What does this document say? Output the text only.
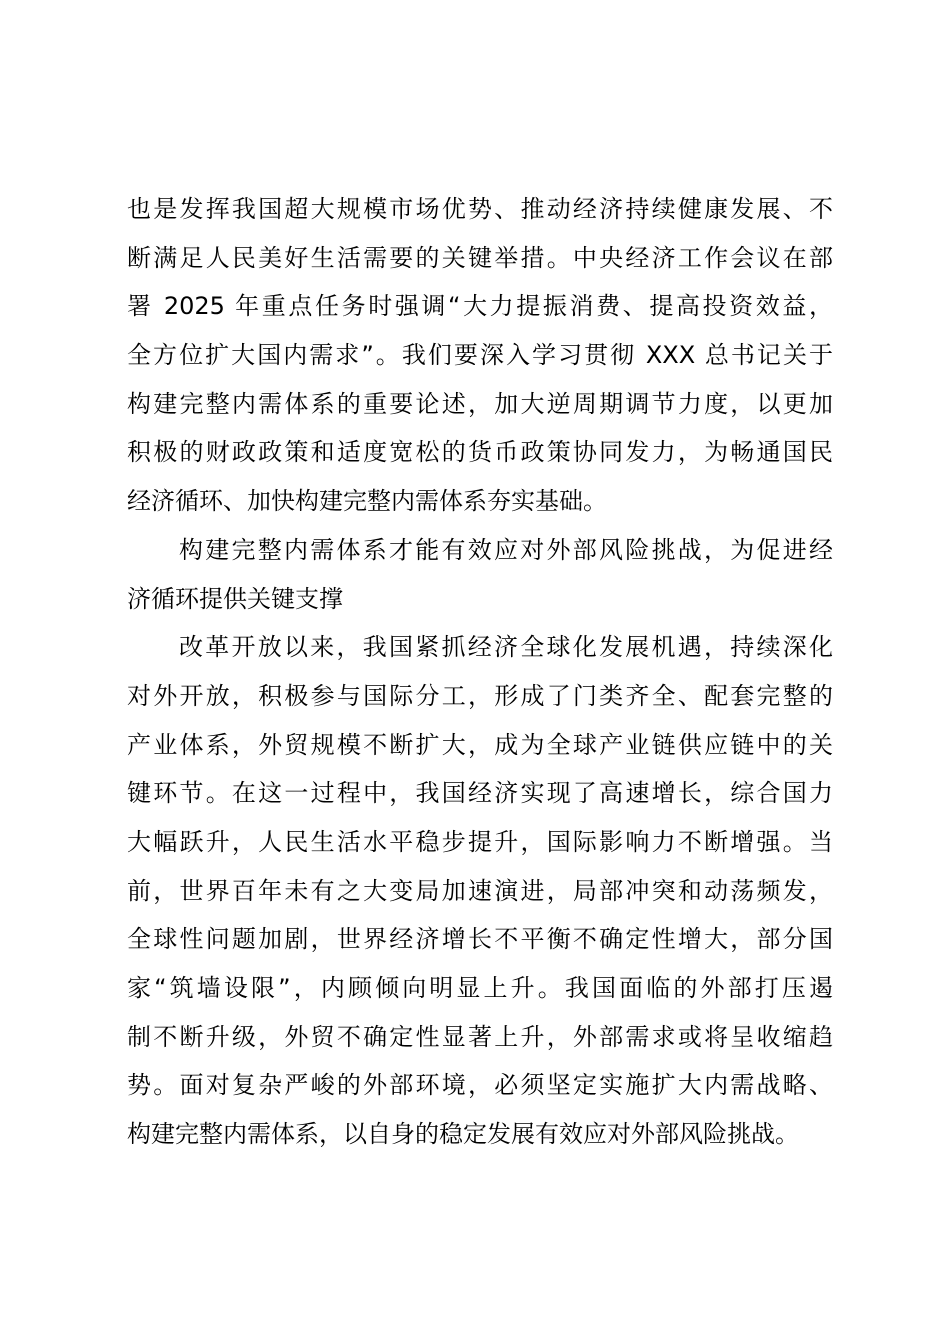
也是发挥我国超大规模市场优势、推动经济持续健康发展、不
断满足人民美好生活需要的关键举措。中央经济工作会议在部
署 2025 年重点任务时强调“大力提振消费、提高投资效益，
全方位扩大国内需求”。我们要深入学习贯彻 XXX 总书记关于
构建完整内需体系的重要论述，加大逆周期调节力度，以更加
积极的财政政策和适度宽松的货币政策协同发力，为畅通国民
经济循环、加快构建完整内需体系夯实基础。
构建完整内需体系才能有效应对外部风险挑战，为促进经
济循环提供关键支撑
改革开放以来，我国紧抓经济全球化发展机遇，持续深化
对外开放，积极参与国际分工，形成了门类齐全、配套完整的
产业体系，外贸规模不断扩大，成为全球产业链供应链中的关
键环节。在这一过程中，我国经济实现了高速增长，综合国力
大幅跃升，人民生活水平稳步提升，国际影响力不断增强。当
前，世界百年未有之大变局加速演进，局部冲突和动荡频发，
全球性问题加剧，世界经济增长不平衡不确定性增大，部分国
家“筑墙设限”，内顾倾向明显上升。我国面临的外部打压遏
制不断升级，外贸不确定性显著上升，外部需求或将呈收缩趋
势。面对复杂严峻的外部环境，必须坚定实施扩大内需战略、
构建完整内需体系，以自身的稳定发展有效应对外部风险挑战。
